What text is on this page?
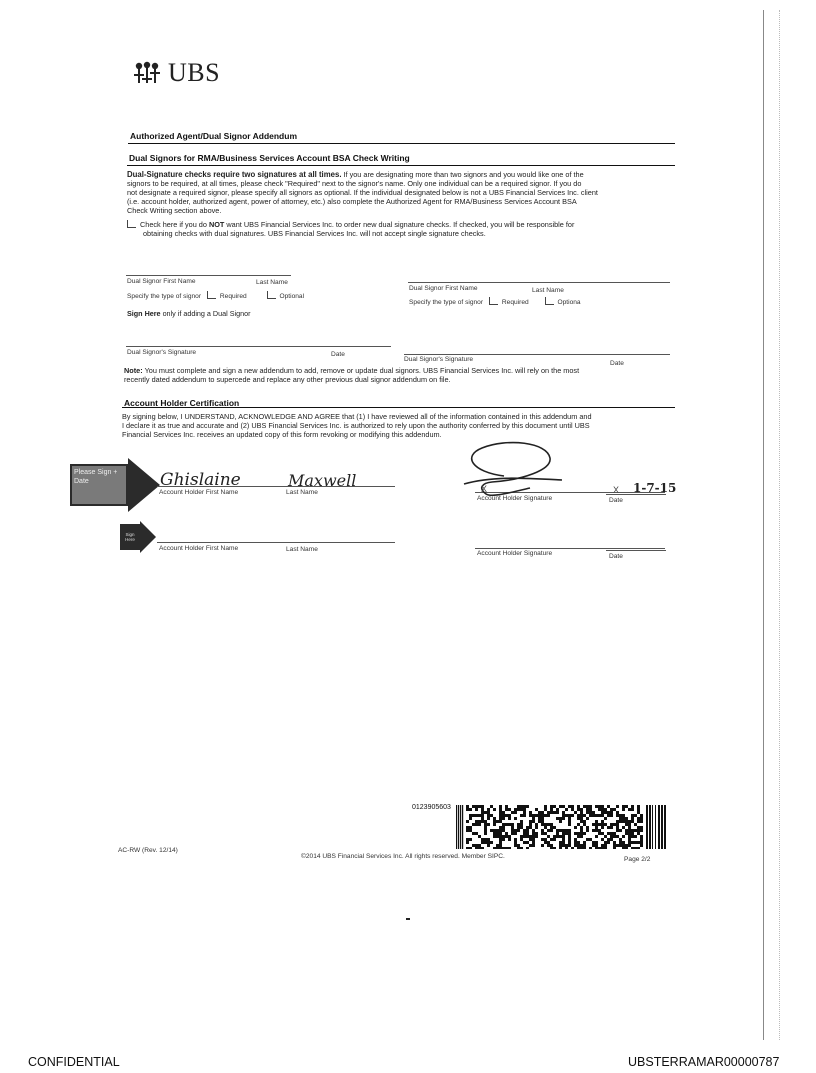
UBS
Authorized Agent/Dual Signor Addendum
Dual Signors for RMA/Business Services Account BSA Check Writing
Dual-Signature checks require two signatures at all times. If you are designating more than two signors and you would like one of the
signors to be required, at all times, please check "Required" next to the signor's name. Only one individual can be a required signor. If you do
not designate a required signor, please specify all signors as optional. If the individual designated below is not a UBS Financial Services Inc. client
(i.e. account holder, authorized agent, power of attorney, etc.) also complete the Authorized Agent for RMA/Business Services Account BSA
Check Writing section above.
Check here if you do NOT want UBS Financial Services Inc. to order new dual signature checks. If checked, you will be responsible for
obtaining checks with dual signatures. UBS Financial Services Inc. will not accept single signature checks.
Dual Signor First Name	Last Name
Dual Signor First Name	Last Name
Specify the type of signor	Required	Optional
Specify the type of signor	Required	Optiona
Sign Here only if adding a Dual Signor
Dual Signor's Signature	Date
Dual Signor's Signature
Date
Note: You must complete and sign a new addendum to add, remove or update dual signors. UBS Financial Services Inc. will rely on the most
recently dated addendum to supercede and replace any other previous dual signor addendum on file.
Account Holder Certification
By signing below, I UNDERSTAND, ACKNOWLEDGE AND AGREE that (1) I have reviewed all of the information contained in this addendum and
I declare it as true and accurate and (2) UBS Financial Services Inc. is authorized to rely upon the authority conferred by this document until UBS
Financial Services Inc. receives an updated copy of this form revoking or modifying this addendum.
Please Sign + Date	Ghislaine	Maxwell
Account Holder First Name	Last Name	X
Account Holder Signature
X 1-7-15
Date
Sign Here
Account Holder First Name	Last Name
Account Holder Signature	Date
0123905603
AC-RW (Rev. 12/14)
©2014 UBS Financial Services Inc. All rights reserved. Member SIPC.	Page 2/2
CONFIDENTIAL	UBSTERRAMAR00000787
